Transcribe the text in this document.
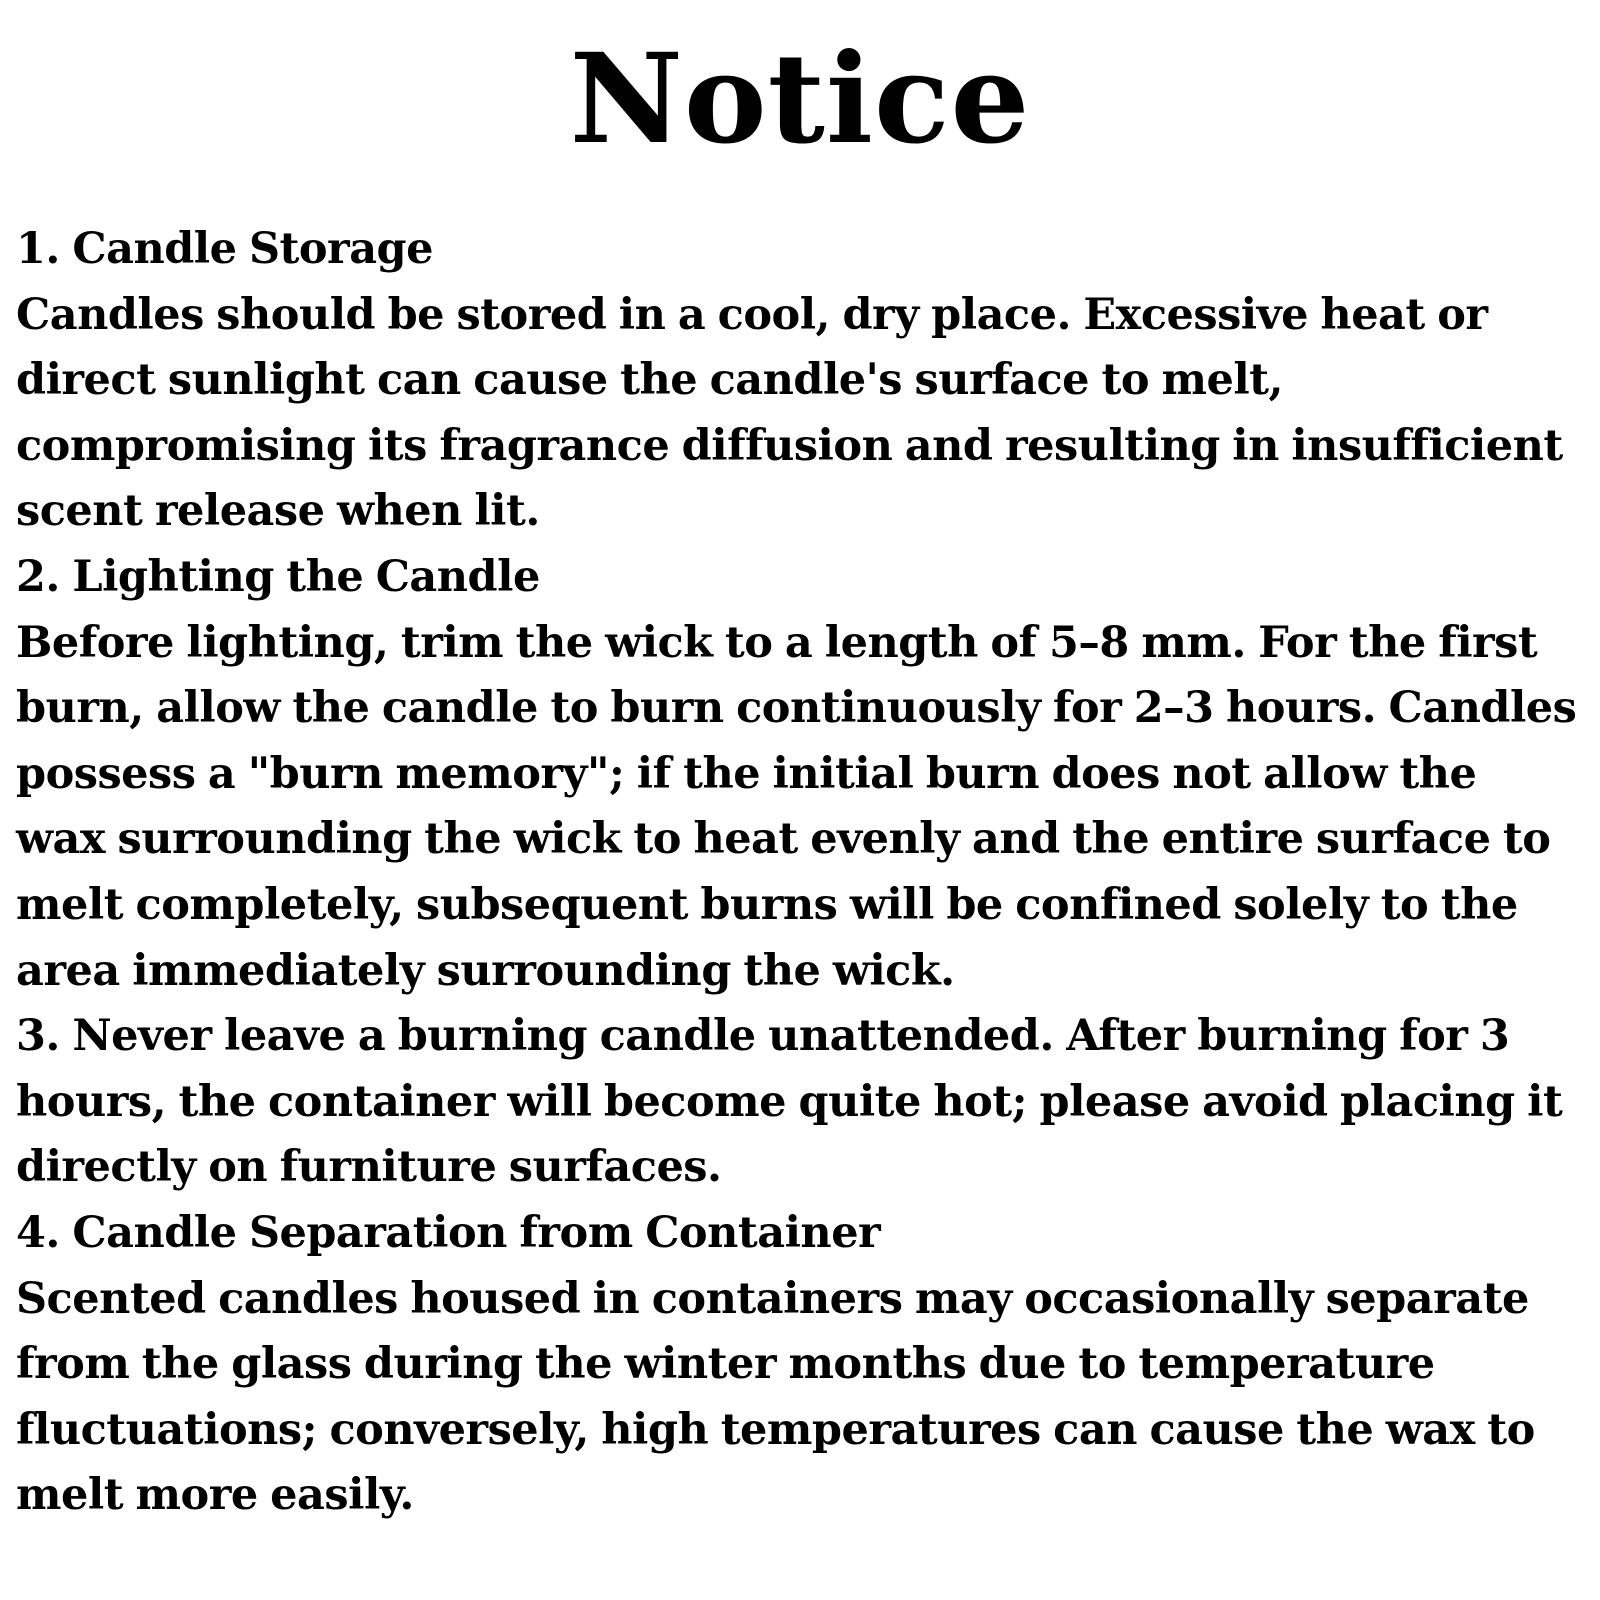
Notice
1. Candle Storage
Candles should be stored in a cool, dry place. Excessive heat or
direct sunlight can cause the candle's surface to melt,
compromising its fragrance diffusion and resulting in insufficient
scent release when lit.
2. Lighting the Candle
Before lighting, trim the wick to a length of 5–8 mm. For the first
burn, allow the candle to burn continuously for 2–3 hours. Candles
possess a "burn memory"; if the initial burn does not allow the
wax surrounding the wick to heat evenly and the entire surface to
melt completely, subsequent burns will be confined solely to the
area immediately surrounding the wick.
3. Never leave a burning candle unattended. After burning for 3
hours, the container will become quite hot; please avoid placing it
directly on furniture surfaces.
4. Candle Separation from Container
Scented candles housed in containers may occasionally separate
from the glass during the winter months due to temperature
fluctuations; conversely, high temperatures can cause the wax to
melt more easily.
